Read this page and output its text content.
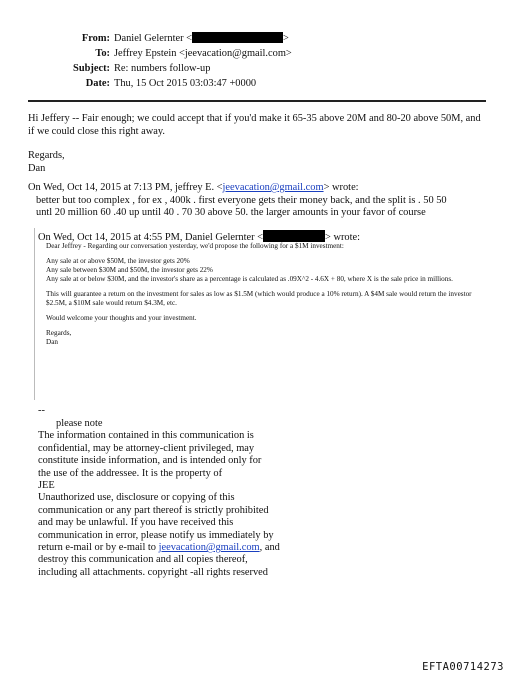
From: Daniel Gelernter <	>
To: Jeffrey Epstein <jeevacation@gmail.com>
Subject: Re: numbers follow-up
Date: Thu, 15 Oct 2015 03:03:47 +0000

Hi Jeffery -- Fair enough; we could accept that if you'd make it 65-35 above 20M and 80-20 above 50M, and if we could close this right away.

Regards,

Dan

On Wed, Oct 14, 2015 at 7:13 PM, jeffrey E. <jeevacation@gmail.com> wrote:
better but too complex , for ex , 400k . first everyone gets their money back, and the split is . 50 50
untl 20 million 60 .40 up until 40 . 70 30 above 50. the larger amounts in your favor of course
On Wed, Oct 14, 2015 at 4:55 PM, Daniel Gelernter <	> wrote:

Dear Jeffrey - Regarding our conversation yesterday, we'd propose the following for a $1M investment:

Any sale at or above $50M, the investor gets 20%

Any sale between $30M and $50M, the investor gets 22%

Any sale at or below $30M, and the investor's share as a percentage is calculated as .09X^2 - 4.6X + 80, where X is the sale price in millions.

This will guarantee a return on the investment for sales as low as $1.5M (which would produce a 10% return). A $4M sale would return the investor $2.5M, a $10M sale would return $4.3M, etc.

Would welcome your thoughts and your investment.

Regards,

Dan

--
please note
The information contained in this communication is
confidential, may be attorney-client privileged, may
constitute inside information, and is intended only for
the use of the addressee. It is the property of
JEE
Unauthorized use, disclosure or copying of this
communication or any part thereof is strictly prohibited
and may be unlawful. If you have received this
communication in error, please notify us immediately by
return e-mail or by e-mail to jeevacation@gmail.com, and
destroy this communication and all copies thereof,
including all attachments. copyright -all rights reserved
EFTA00714273
